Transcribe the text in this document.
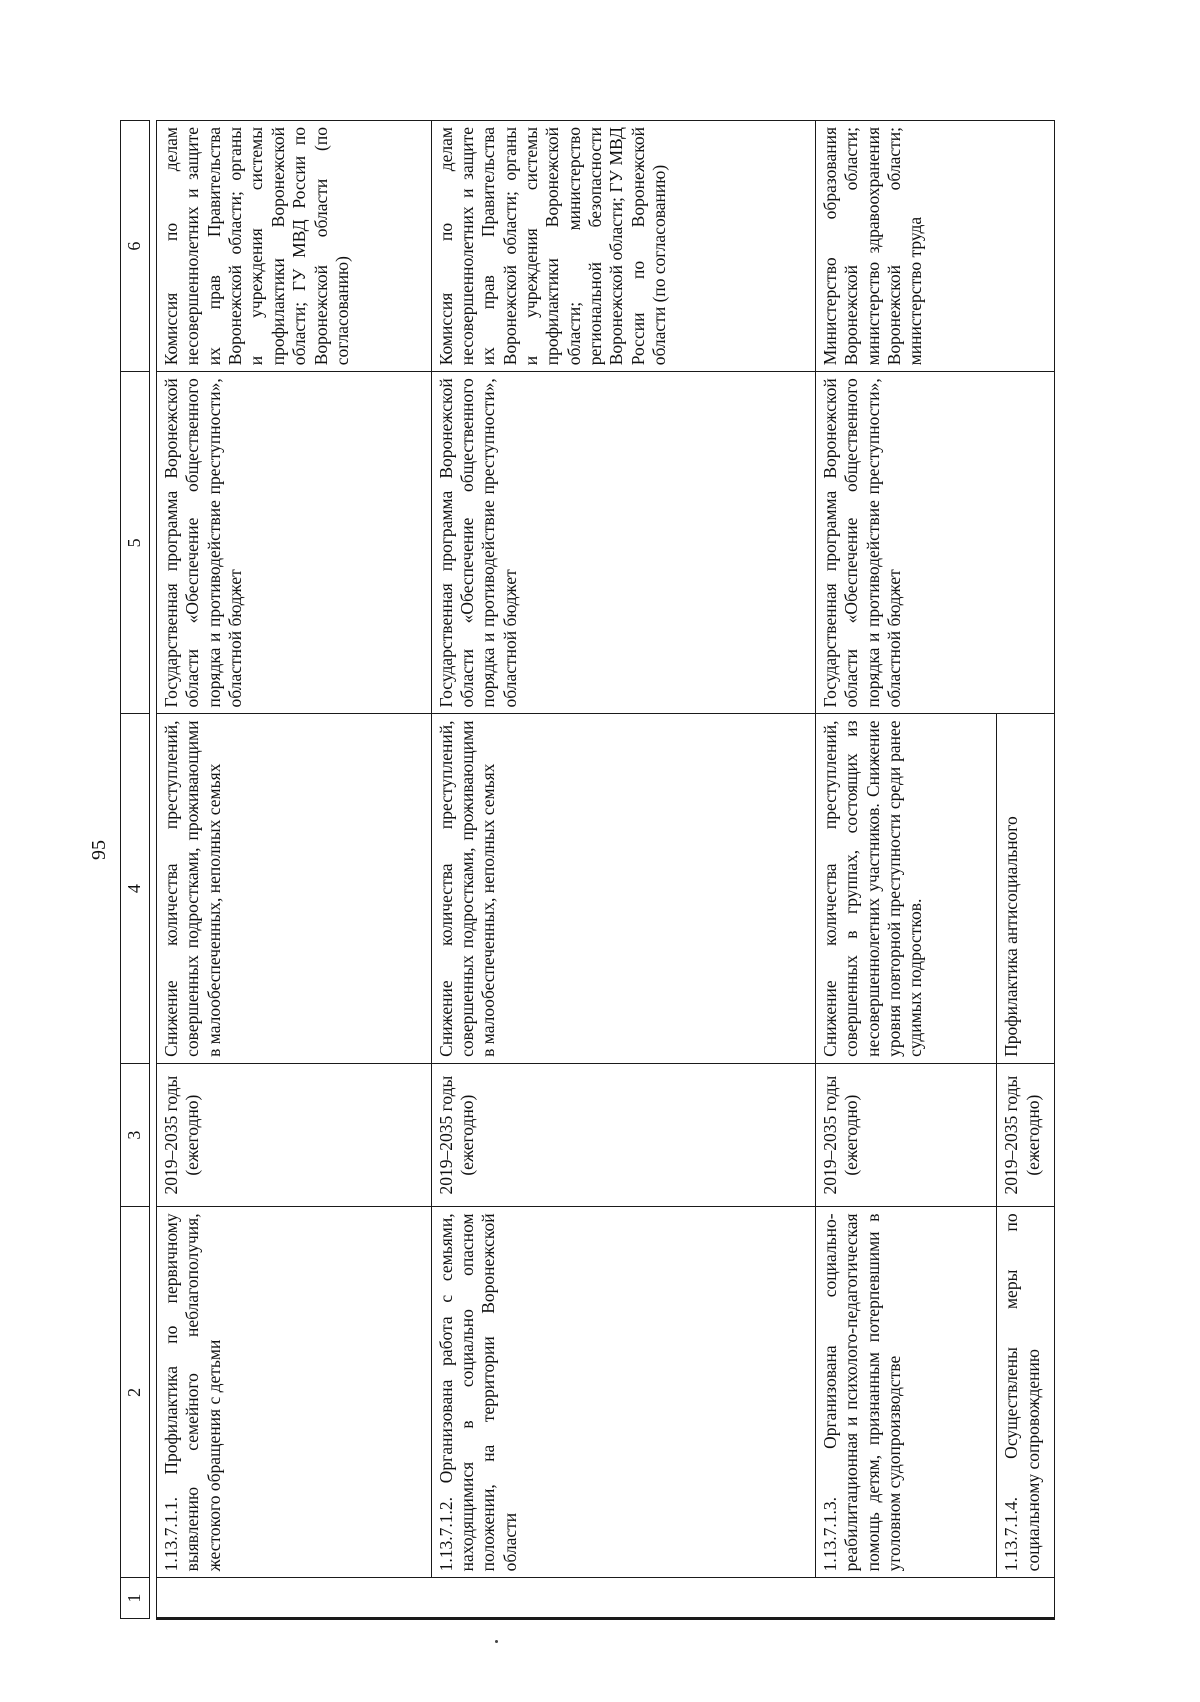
95
1	2	3	4	5	6

	1.13.7.1.1. Профилактика по первичному выявлению семейного неблагополучия, жестокого обращения с детьми	2019–2035 годы (ежегодно)	Снижение количества преступлений, совершенных подростками, проживающими в малообеспеченных, неполных семьях	Государственная программа Воронежской области «Обеспечение общественного порядка и противодействие преступности», областной бюджет	Комиссия по делам несовершеннолетних и защите их прав Правительства Воронежской области; органы и учреждения системы профилактики Воронежской области; ГУ МВД России по Воронежской области (по согласованию)
	1.13.7.1.2. Организована работа с семьями, находящимися в социально опасном положении, на территории Воронежской области	2019–2035 годы (ежегодно)	Снижение количества преступлений, совершенных подростками, проживающими в малообеспеченных, неполных семьях	Государственная программа Воронежской области «Обеспечение общественного порядка и противодействие преступности», областной бюджет	Комиссия по делам несовершеннолетних и защите их прав Правительства Воронежской области; органы и учреждения системы профилактики Воронежской области; министерство региональной безопасности Воронежской области; ГУ МВД России по Воронежской области (по согласованию)
	1.13.7.1.3. Организована социально-реабилитационная и психолого-педагогическая помощь детям, признанным потерпевшими в уголовном судопроизводстве	2019–2035 годы (ежегодно)	Снижение количества преступлений, совершенных в группах, состоящих из несовершеннолетних участников. Снижение уровня повторной преступности среди ранее судимых подростков.	Государственная программа Воронежской области «Обеспечение общественного порядка и противодействие преступности», областной бюджет	Министерство образования Воронежской области; министерство здравоохранения Воронежской области; министерство труда
	1.13.7.1.4. Осуществлены меры по социальному сопровождению	2019–2035 годы (ежегодно)	Профилактика антисоциального		
